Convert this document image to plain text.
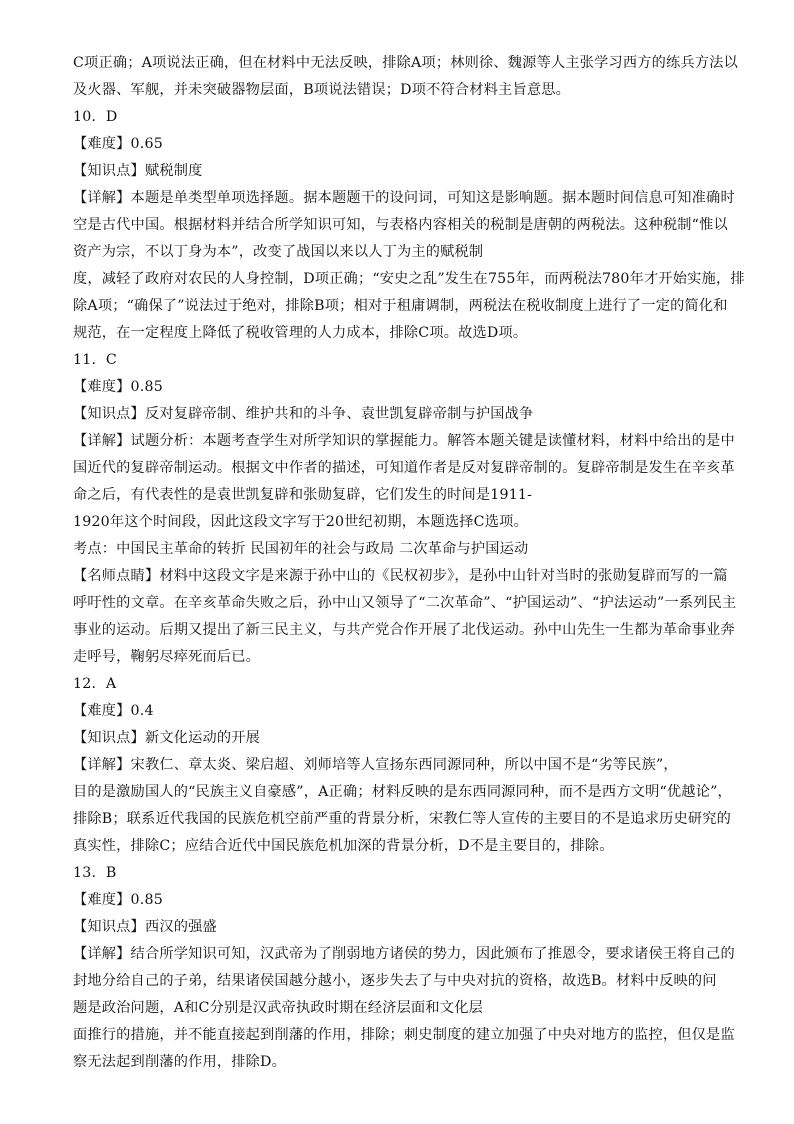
C项正确；A项说法正确，但在材料中无法反映，排除A项；林则徐、魏源等人主张学习西方的练兵方法以
及火器、军舰，并未突破器物层面，B项说法错误；D项不符合材料主旨意思。
10．D
【难度】0.65
【知识点】赋税制度
【详解】本题是单类型单项选择题。据本题题干的设问词，可知这是影响题。据本题时间信息可知准确时
空是古代中国。根据材料并结合所学知识可知，与表格内容相关的税制是唐朝的两税法。这种税制“惟以
资产为宗，不以丁身为本”，改变了战国以来以人丁为主的赋税制
度，减轻了政府对农民的人身控制，D项正确；“安史之乱”发生在755年，而两税法780年才开始实施，排
除A项；“确保了”说法过于绝对，排除B项；相对于租庸调制，两税法在税收制度上进行了一定的简化和
规范，在一定程度上降低了税收管理的人力成本，排除C项。故选D项。
11．C
【难度】0.85
【知识点】反对复辟帝制、维护共和的斗争、袁世凯复辟帝制与护国战争
【详解】试题分析：本题考查学生对所学知识的掌握能力。解答本题关键是读懂材料，材料中给出的是中
国近代的复辟帝制运动。根据文中作者的描述，可知道作者是反对复辟帝制的。复辟帝制是发生在辛亥革
命之后，有代表性的是袁世凯复辟和张勋复辟，它们发生的时间是1911-
1920年这个时间段，因此这段文字写于20世纪初期，本题选择C选项。
考点：中国民主革命的转折 民国初年的社会与政局 二次革命与护国运动
【名师点睛】材料中这段文字是来源于孙中山的《民权初步》，是孙中山针对当时的张勋复辟而写的一篇
呼吁性的文章。在辛亥革命失败之后，孙中山又领导了“二次革命”、“护国运动”、“护法运动”一系列民主
事业的运动。后期又提出了新三民主义，与共产党合作开展了北伐运动。孙中山先生一生都为革命事业奔
走呼号，鞠躬尽瘁死而后已。
12．A
【难度】0.4
【知识点】新文化运动的开展
【详解】宋教仁、章太炎、梁启超、刘师培等人宣扬东西同源同种，所以中国不是“劣等民族”，
目的是激励国人的“民族主义自豪感”，A正确；材料反映的是东西同源同种，而不是西方文明“优越论”，
排除B；联系近代我国的民族危机空前严重的背景分析，宋教仁等人宣传的主要目的不是追求历史研究的
真实性，排除C；应结合近代中国民族危机加深的背景分析，D不是主要目的，排除。
13．B
【难度】0.85
【知识点】西汉的强盛
【详解】结合所学知识可知，汉武帝为了削弱地方诸侯的势力，因此颁布了推恩令，要求诸侯王将自己的
封地分给自己的子弟，结果诸侯国越分越小，逐步失去了与中央对抗的资格，故选B。材料中反映的问
题是政治问题，A和C分别是汉武帝执政时期在经济层面和文化层
面推行的措施，并不能直接起到削藩的作用，排除；刺史制度的建立加强了中央对地方的监控，但仅是监
察无法起到削藩的作用，排除D。
